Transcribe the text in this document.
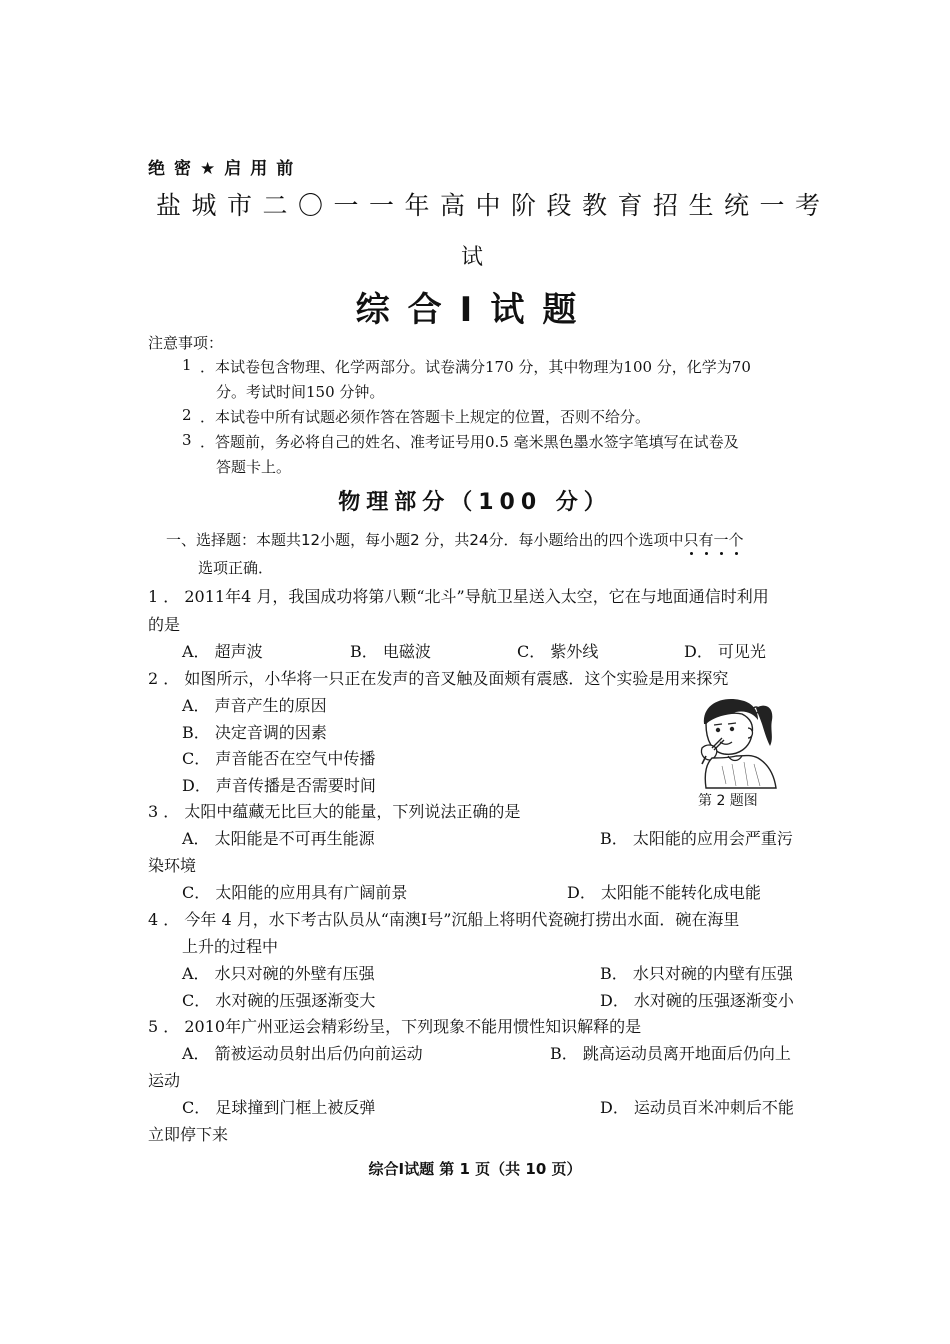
绝密★启用前
盐城市二〇一一年高中阶段教育招生统一考
试
综合Ⅰ试题
注意事项：
1 ．本试卷包含物理、化学两部分。试卷满分170 分，其中物理为100 分，化学为70
分。考试时间150 分钟。
2 ．本试卷中所有试题必须作答在答题卡上规定的位置，否则不给分。
3 ．答题前，务必将自己的姓名、准考证号用0.5 毫米黑色墨水签字笔填写在试卷及
答题卡上。
物理部分（100 分）
一、选择题：本题共12小题，每小题2 分，共24分．每小题给出的四个选项中只有一个
选项正确．
1 ． 2011年4 月，我国成功将第八颗“北斗”导航卫星送入太空，它在与地面通信时利用
的是
A． 超声波	B． 电磁波	C． 紫外线	D． 可见光
2 ． 如图所示，小华将一只正在发声的音叉触及面颊有震感．这个实验是用来探究
A． 声音产生的原因
B． 决定音调的因素
C． 声音能否在空气中传播
D． 声音传播是否需要时间
第 2 题图
3 ． 太阳中蕴藏无比巨大的能量，下列说法正确的是
A． 太阳能是不可再生能源	B． 太阳能的应用会严重污
染环境
C． 太阳能的应用具有广阔前景	D． 太阳能不能转化成电能
4 ． 今年 4 月，水下考古队员从“南澳Ⅰ号”沉船上将明代瓷碗打捞出水面．碗在海里
上升的过程中
A． 水只对碗的外壁有压强	B． 水只对碗的内壁有压强
C． 水对碗的压强逐渐变大	D． 水对碗的压强逐渐变小
5 ． 2010年广州亚运会精彩纷呈，下列现象不能用惯性知识解释的是
A． 箭被运动员射出后仍向前运动	B． 跳高运动员离开地面后仍向上
运动
C． 足球撞到门框上被反弹	D． 运动员百米冲刺后不能
立即停下来
综合Ⅰ试题 第 1 页（共 10 页）
